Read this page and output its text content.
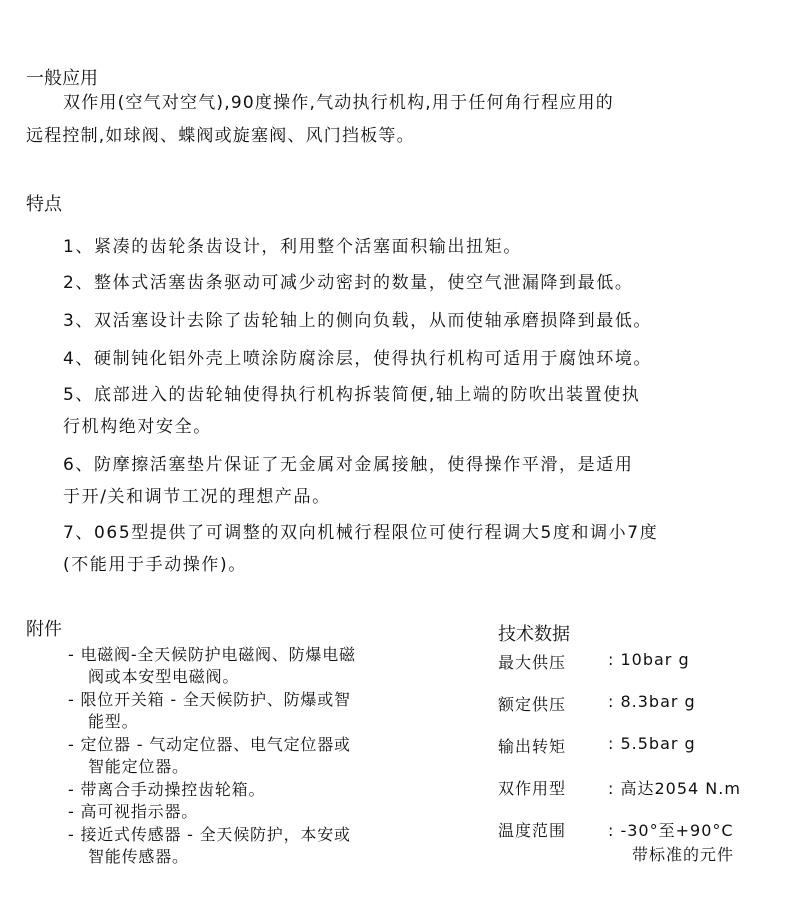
一般应用
双作用(空气对空气),90度操作,气动执行机构,用于任何角行程应用的
远程控制,如球阀、蝶阀或旋塞阀、风门挡板等。
特点
1、紧凑的齿轮条齿设计，利用整个活塞面积输出扭矩。
2、整体式活塞齿条驱动可减少动密封的数量，使空气泄漏降到最低。
3、双活塞设计去除了齿轮轴上的侧向负载，从而使轴承磨损降到最低。
4、硬制钝化铝外壳上喷涂防腐涂层，使得执行机构可适用于腐蚀环境。
5、底部进入的齿轮轴使得执行机构拆装简便,轴上端的防吹出装置使执
行机构绝对安全。
6、防摩擦活塞垫片保证了无金属对金属接触，使得操作平滑，是适用
于开/关和调节工况的理想产品。
7、065型提供了可调整的双向机械行程限位可使行程调大5度和调小7度
(不能用于手动操作)。
附件
- 电磁阀-全天候防护电磁阀、防爆电磁
阀或本安型电磁阀。
- 限位开关箱 - 全天候防护、防爆或智
能型。
- 定位器 - 气动定位器、电气定位器或
智能定位器。
- 带离合手动操控齿轮箱。
- 高可视指示器。
- 接近式传感器 - 全天候防护，本安或
智能传感器。
技术数据
最大供压	: 10bar g
额定供压	: 8.3bar g
输出转矩	: 5.5bar g
双作用型	: 高达2054 N.m
温度范围	: -30°至+90°C
带标准的元件
